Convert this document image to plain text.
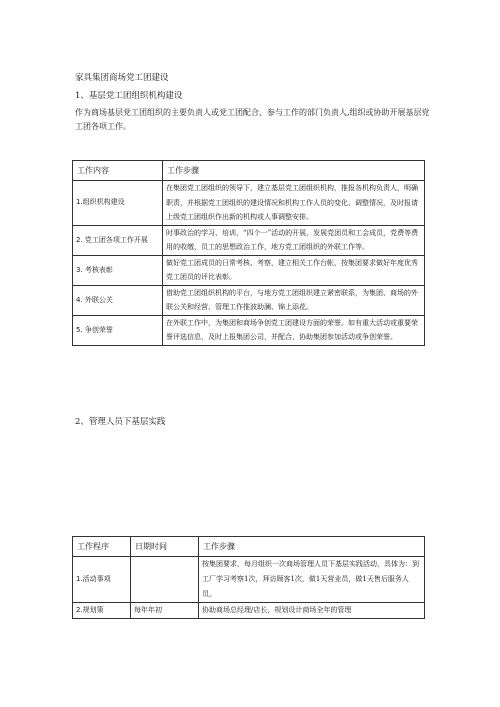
家具集团商场党工团建设
1、基层党工团组织机构建设
作为商场基层党工团组织的主要负责人或党工团配合、参与工作的部门负责人,组织或协助开展基层党工团各项工作。
工作内容	工作步骤
1.组织机构建设	在集团党工团组织的领导下，建立基层党工团组织机构，推报各机构负责人，明确职责，并根据党工团组织的建设情况和机构工作人员的变化、调整情况，及时报请上级党工团组织作出新的机构或人事调整安排。
2. 党工团各项工作开展	时事政治的学习、培训，“四个一”活动的开展，发展党团员和工会成员，党费等费用的收缴，员工的思想政治工作，地方党工团组织的外联工作等。
3. 考核表彰	做好党工团成员的日常考核、考察，建立相关工作台帐，按集团要求做好年度优秀党工团员的评比表彰。
4. 外联公关	借助党工团组织机构的平台，与地方党工团组织建立紧密联系，为集团、商场的外联公关和经营、管理工作推波助澜、锦上添花。
5. 争创荣誉	在外联工作中，为集团和商场争创党工团建设方面的荣誉。如有重大活动或重要荣誉评选信息，及时上报集团公司，并配合、协助集团参加活动或争创荣誉。
2、管理人员下基层实践
工作程序	日期时间	工作步骤
1.活动事项		按集团要求，每月组织一次商场管理人员下基层实践活动，具体为：到工厂学习考察1次，拜访顾客1次，做1天营业员，做1天售后服务人员。
2.规划策	每年年初	协助商场总经理/店长，规划设计商场全年的管理
